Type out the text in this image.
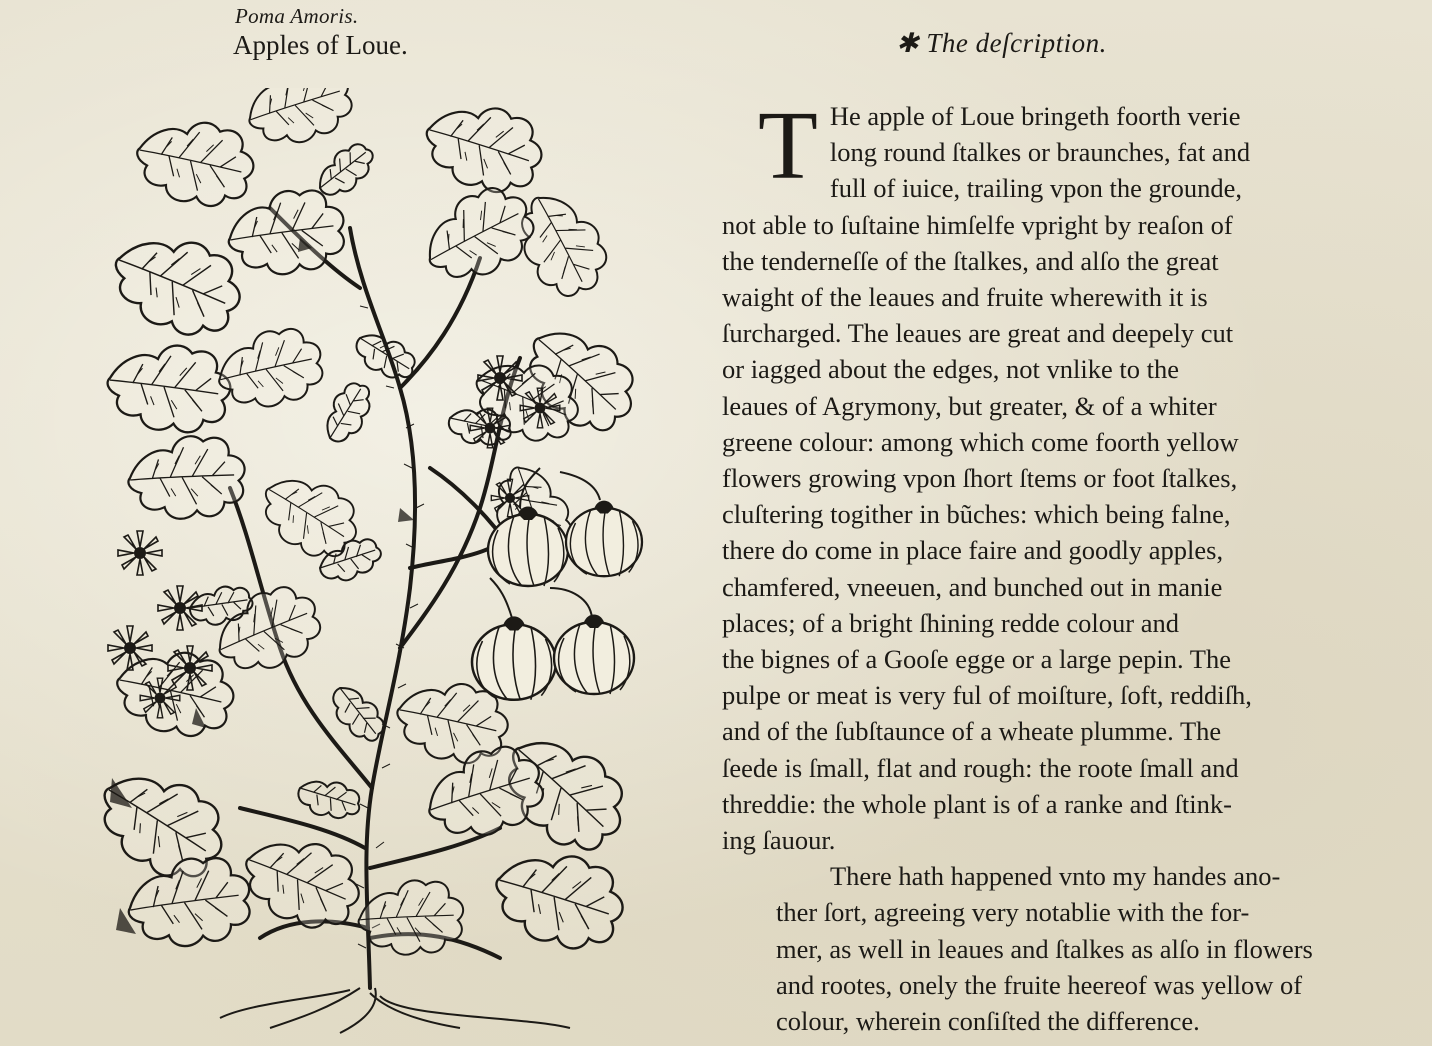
Poma Amoris.
Apples of Loue.	✱ The deſcription.
T He apple of Loue bringeth foorth verie
long round ſtalkes or braunches, fat and
full of iuice, trailing vpon the grounde,
not able to ſuſtaine himſelfe vpright by reaſon of
the tenderneſſe of the ſtalkes, and alſo the great
waight of the leaues and fruite wherewith it is
ſurcharged. The leaues are great and deepely cut
or iagged about the edges, not vnlike to the
leaues of Agrymony, but greater, & of a whiter
greene colour: among which come foorth yellow
flowers growing vpon ſhort ſtems or foot ſtalkes,
cluſtering togither in bũches: which being falne,
there do come in place faire and goodly apples,
chamfered, vneeuen, and bunched out in manie
places; of a bright ſhining redde colour and
the bignes of a Gooſe egge or a large pepin. The
pulpe or meat is very ful of moiſture, ſoft, reddiſh,
and of the ſubſtaunce of a wheate plumme. The
ſeede is ſmall, flat and rough: the roote ſmall and
threddie: the whole plant is of a ranke and ſtink-
ing ſauour.
There hath happened vnto my handes ano-
ther ſort, agreeing very notablie with the for-
mer, as well in leaues and ſtalkes as alſo in flowers
and rootes, onely the fruite heereof was yellow of
colour, wherein conſiſted the difference.
